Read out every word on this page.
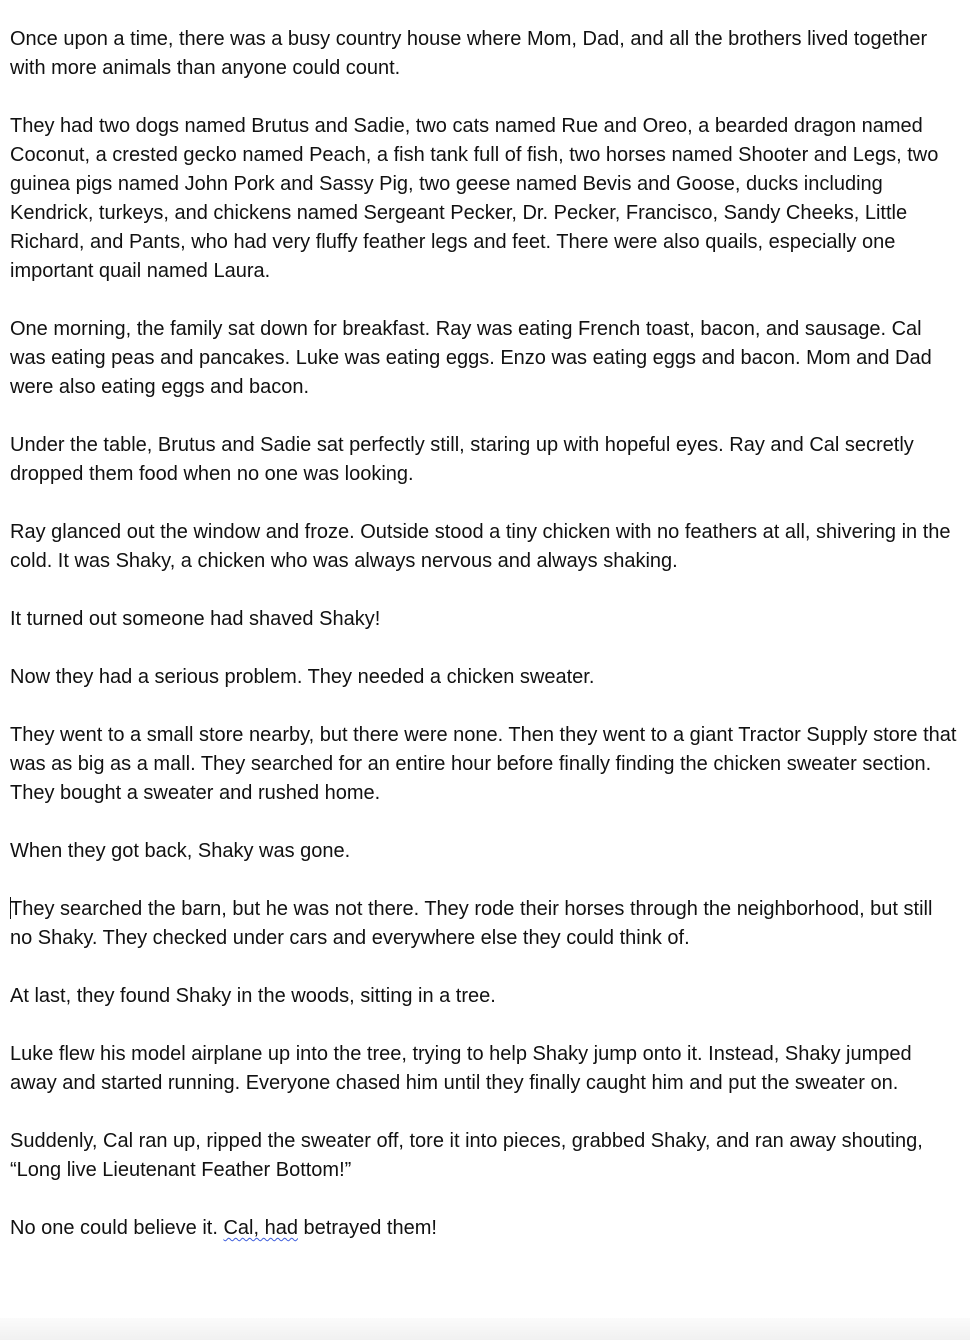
Once upon a time, there was a busy country house where Mom, Dad, and all the brothers lived together with more animals than anyone could count.

They had two dogs named Brutus and Sadie, two cats named Rue and Oreo, a bearded dragon named Coconut, a crested gecko named Peach, a fish tank full of fish, two horses named Shooter and Legs, two guinea pigs named John Pork and Sassy Pig, two geese named Bevis and Goose, ducks including Kendrick, turkeys, and chickens named Sergeant Pecker, Dr. Pecker, Francisco, Sandy Cheeks, Little Richard, and Pants, who had very fluffy feather legs and feet. There were also quails, especially one important quail named Laura.

One morning, the family sat down for breakfast. Ray was eating French toast, bacon, and sausage. Cal was eating peas and pancakes. Luke was eating eggs. Enzo was eating eggs and bacon. Mom and Dad were also eating eggs and bacon.

Under the table, Brutus and Sadie sat perfectly still, staring up with hopeful eyes. Ray and Cal secretly dropped them food when no one was looking.

Ray glanced out the window and froze. Outside stood a tiny chicken with no feathers at all, shivering in the cold. It was Shaky, a chicken who was always nervous and always shaking.

It turned out someone had shaved Shaky!

Now they had a serious problem. They needed a chicken sweater.

They went to a small store nearby, but there were none. Then they went to a giant Tractor Supply store that was as big as a mall. They searched for an entire hour before finally finding the chicken sweater section. They bought a sweater and rushed home.

When they got back, Shaky was gone.

They searched the barn, but he was not there. They rode their horses through the neighborhood, but still no Shaky. They checked under cars and everywhere else they could think of.

At last, they found Shaky in the woods, sitting in a tree.

Luke flew his model airplane up into the tree, trying to help Shaky jump onto it. Instead, Shaky jumped away and started running. Everyone chased him until they finally caught him and put the sweater on.

Suddenly, Cal ran up, ripped the sweater off, tore it into pieces, grabbed Shaky, and ran away shouting, “Long live Lieutenant Feather Bottom!”

No one could believe it. Cal, had betrayed them!
